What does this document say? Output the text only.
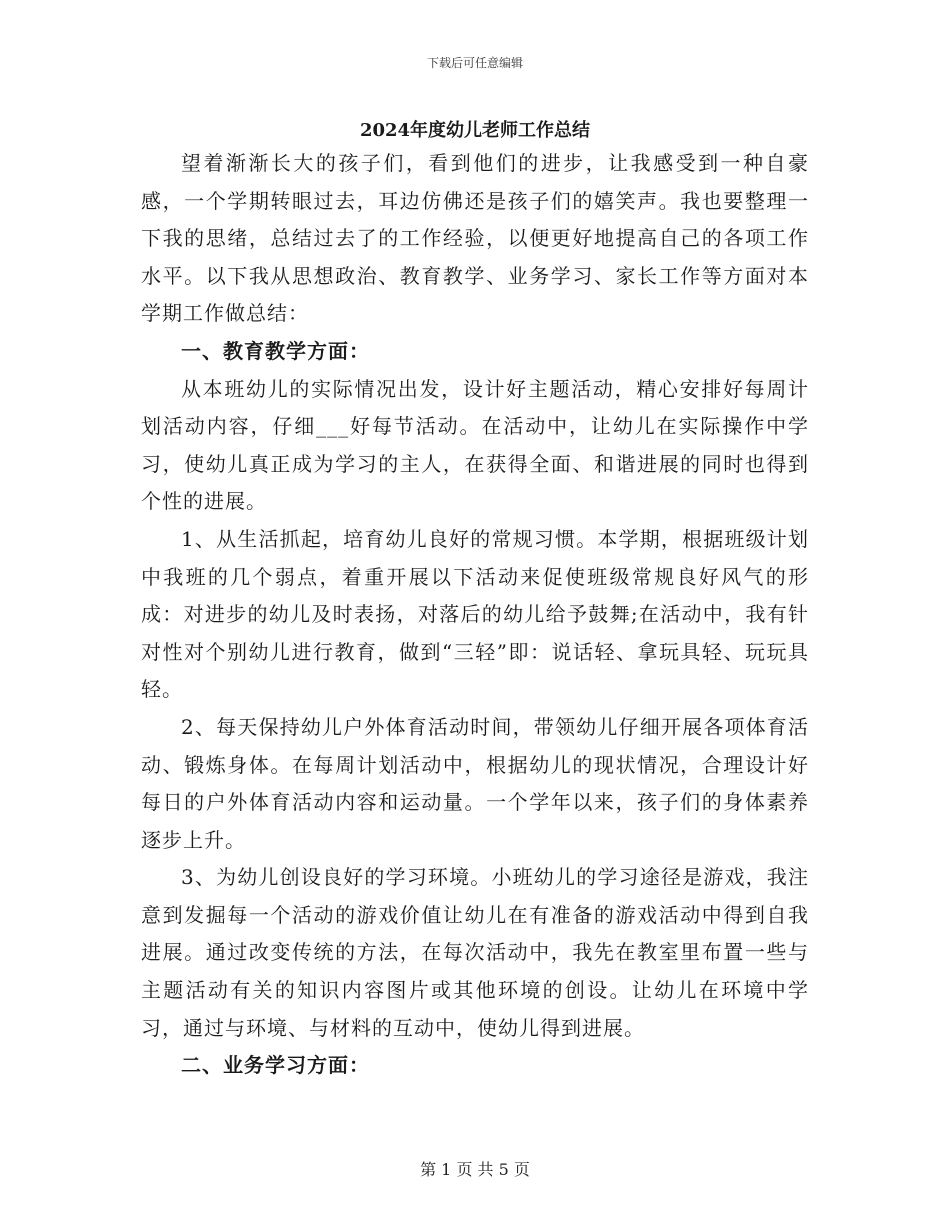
下载后可任意编辑
2024年度幼儿老师工作总结

望着渐渐长大的孩子们，看到他们的进步，让我感受到一种自豪感，一个学期转眼过去，耳边仿佛还是孩子们的嬉笑声。我也要整理一下我的思绪，总结过去了的工作经验，以便更好地提高自己的各项工作水平。以下我从思想政治、教育教学、业务学习、家长工作等方面对本学期工作做总结：

一、教育教学方面：

从本班幼儿的实际情况出发，设计好主题活动，精心安排好每周计划活动内容，仔细___好每节活动。在活动中，让幼儿在实际操作中学习，使幼儿真正成为学习的主人，在获得全面、和谐进展的同时也得到个性的进展。

1、从生活抓起，培育幼儿良好的常规习惯。本学期，根据班级计划中我班的几个弱点，着重开展以下活动来促使班级常规良好风气的形成：对进步的幼儿及时表扬，对落后的幼儿给予鼓舞;在活动中，我有针对性对个别幼儿进行教育，做到“三轻”即：说话轻、拿玩具轻、玩玩具轻。

2、每天保持幼儿户外体育活动时间，带领幼儿仔细开展各项体育活动、锻炼身体。在每周计划活动中，根据幼儿的现状情况，合理设计好每日的户外体育活动内容和运动量。一个学年以来，孩子们的身体素养逐步上升。

3、为幼儿创设良好的学习环境。小班幼儿的学习途径是游戏，我注意到发掘每一个活动的游戏价值让幼儿在有准备的游戏活动中得到自我进展。通过改变传统的方法，在每次活动中，我先在教室里布置一些与主题活动有关的知识内容图片或其他环境的创设。让幼儿在环境中学习，通过与环境、与材料的互动中，使幼儿得到进展。

二、业务学习方面：
第 1 页 共 5 页
